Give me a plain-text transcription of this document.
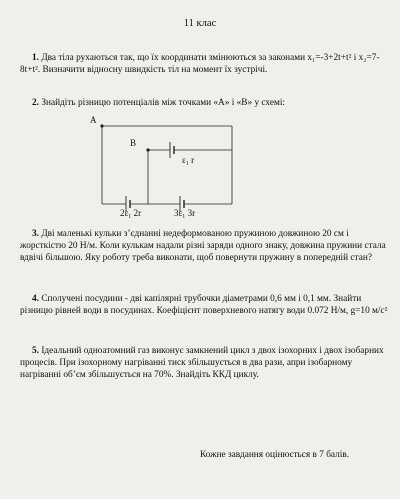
11 клас
1. Два тіла рухаються так, що їх координати змінюються за законами x₁=-3+2t+t² і x₂=7-8t+t². Визначити відносну швидкість тіл на момент їх зустрічі.
2. Знайдіть різницю потенціалів між точками «А» і «В» у схемі:
A
B
ε₁ r
2ε₁ 2r	3ε₁ 3r
3. Дві маленькі кульки з’єднанні недеформованою пружиною довжиною 20 см і жорсткістю 20 Н/м. Коли кулькам надали різні заряди одного знаку, довжина пружини стала вдвічі більшою. Яку роботу треба виконати, щоб повернути пружину в попередній стан?
4. Сполучені посудини - дві капілярні трубочки діаметрами 0,6 мм і 0,1 мм. Знайти різницю рівней води в посудинах. Коефіцієнт поверхневого натягу води 0.072 Н/м, g=10 м/с²
5. Ідеальний одноатомний газ виконує замкнений цикл з двох ізохорних і двох ізобарних процесів. При ізохорному нагріванні тиск збільшується в два рази, апри ізобарному нагріванні об’єм збільшується на 70%. Знайдіть ККД циклу.
Кожне завдання оцінюється в 7 балів.
